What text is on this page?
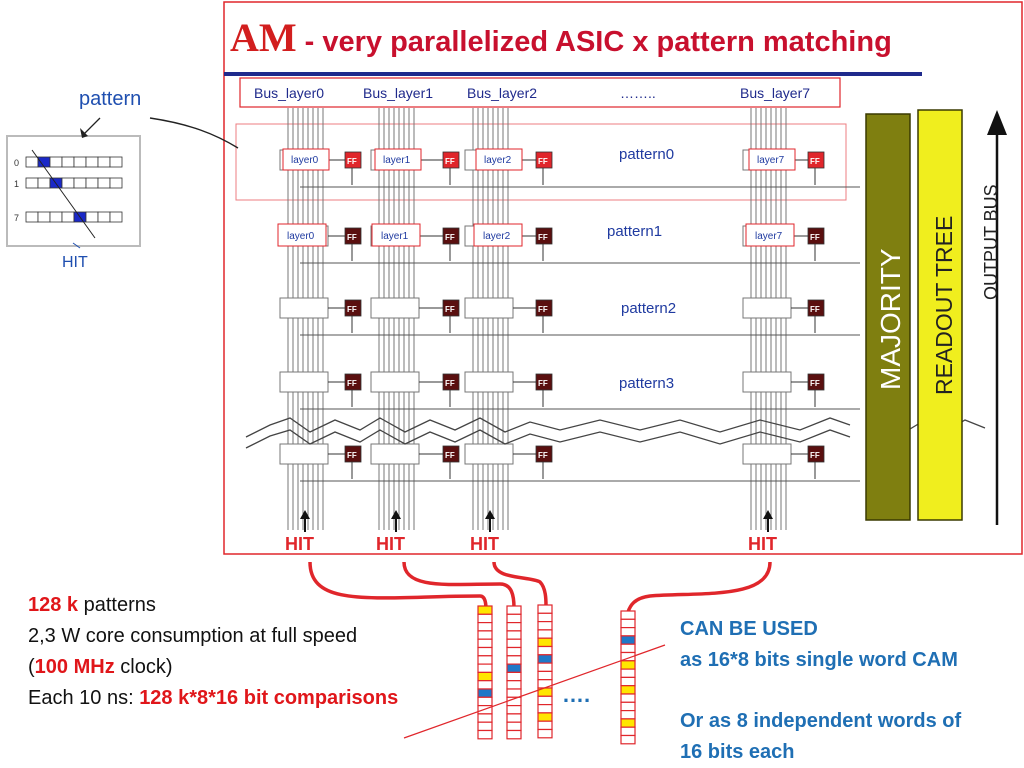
HIT	HIT	HIT	HIT
FF	FF	FF	FF
FF	FF	FF	FF
FF	FF	FF	FF
FF	FF	FF	FF
FF	FF	FF	FF
layer0	layer1	layer2	layer7
layer0	layer1	layer2	layer7
MAJORITY READOUT TREE OUTPUT BUS
0
1
7
HIT
AM - very parallelized ASIC x pattern matching
Bus_layer0	Bus_layer1 Bus_layer2	……..	Bus_layer7
pattern0
pattern1
pattern2
pattern3
pattern
128 k patterns
2,3 W core consumption at full speed
(100 MHz clock)
Each 10 ns: 128 k*8*16 bit comparisons
CAN BE USED
as 16*8 bits single word CAM
Or as 8 independent words of
16 bits each
….
